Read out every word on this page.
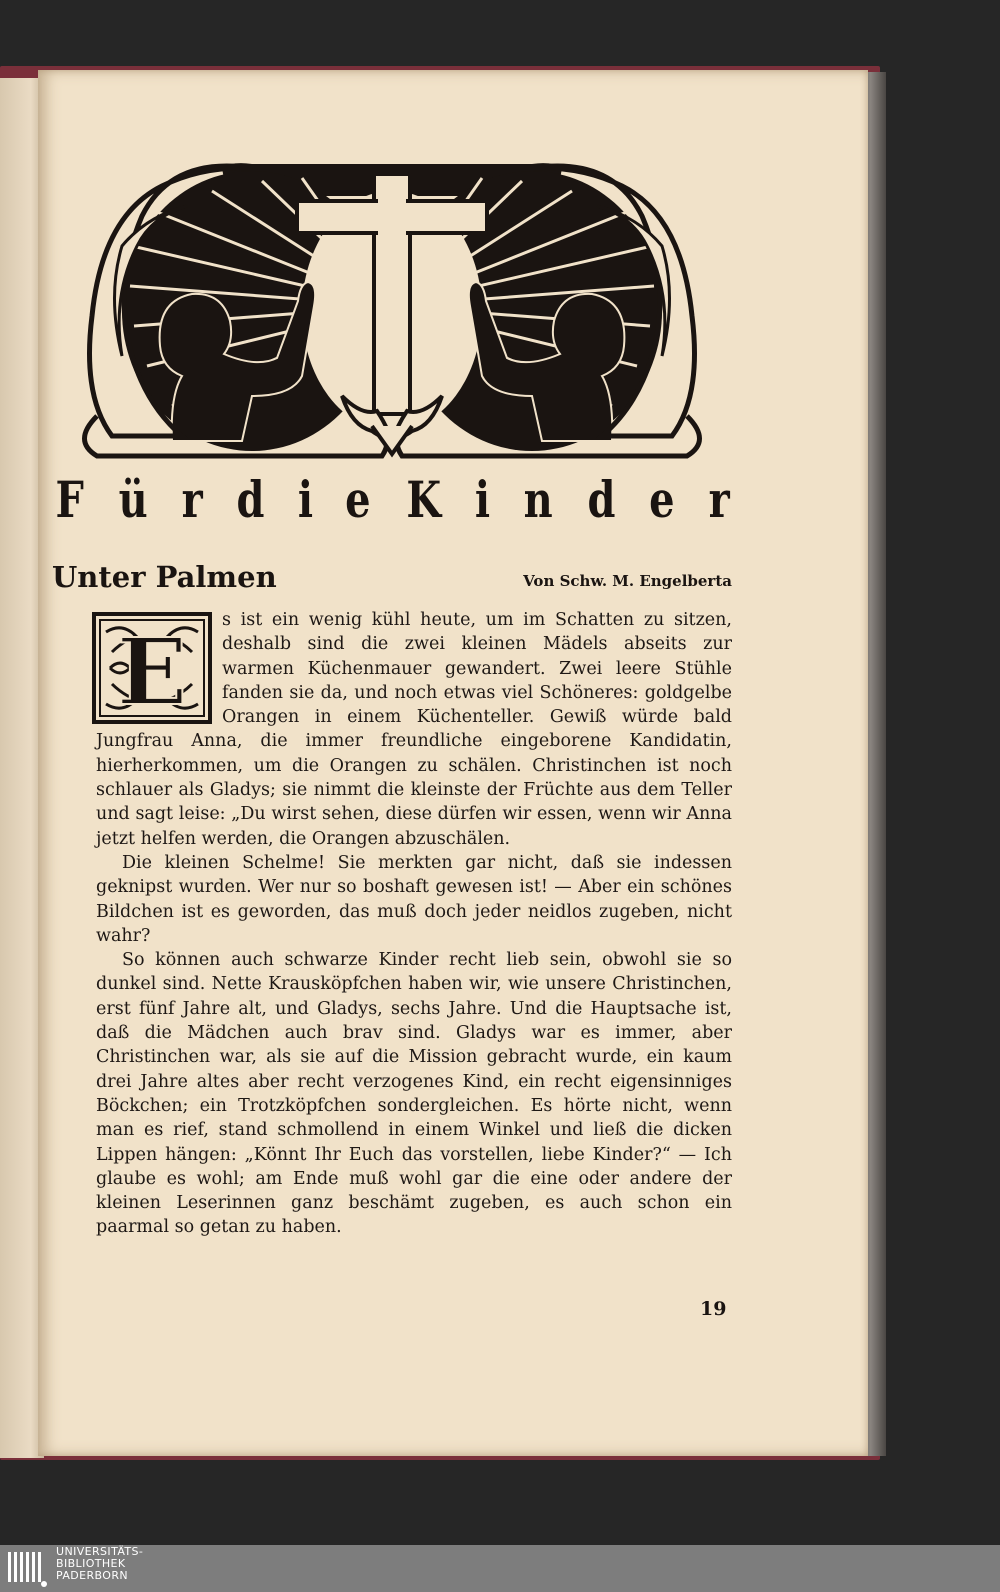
F ü r d i e K i n d e r
Unter Palmen	Von Schw. M. Engelberta
E	s ist ein wenig kühl heute, um im Schatten zu sitzen, deshalb sind die zwei kleinen Mädels abseits zur warmen Küchenmauer gewandert. Zwei leere Stühle fanden sie da, und noch etwas viel Schöneres: goldgelbe Orangen in einem Küchenteller. Gewiß würde bald Jungfrau Anna, die immer freundliche eingeborene Kandidatin, hierherkommen, um die Orangen zu schälen. Christinchen ist noch schlauer als Gladys; sie nimmt die kleinste der Früchte aus dem Teller und sagt leise: „Du wirst sehen, diese dürfen wir essen, wenn wir Anna jetzt helfen werden, die Orangen abzuschälen.

Die kleinen Schelme! Sie merkten gar nicht, daß sie indessen geknipst wurden. Wer nur so boshaft gewesen ist! — Aber ein schönes Bildchen ist es geworden, das muß doch jeder neidlos zugeben, nicht wahr?

So können auch schwarze Kinder recht lieb sein, obwohl sie so dunkel sind. Nette Krausköpfchen haben wir, wie unsere Christinchen, erst fünf Jahre alt, und Gladys, sechs Jahre. Und die Hauptsache ist, daß die Mädchen auch brav sind. Gladys war es immer, aber Christinchen war, als sie auf die Mission gebracht wurde, ein kaum drei Jahre altes aber recht verzogenes Kind, ein recht eigensinniges Böckchen; ein Trotzköpfchen sondergleichen. Es hörte nicht, wenn man es rief, stand schmollend in einem Winkel und ließ die dicken Lippen hängen: „Könnt Ihr Euch das vorstellen, liebe Kinder?“ — Ich glaube es wohl; am Ende muß wohl gar die eine oder andere der kleinen Leserinnen ganz beschämt zugeben, es auch schon ein paarmal so getan zu haben.

19
UNIVERSITÄTS-
BIBLIOTHEK
PADERBORN
